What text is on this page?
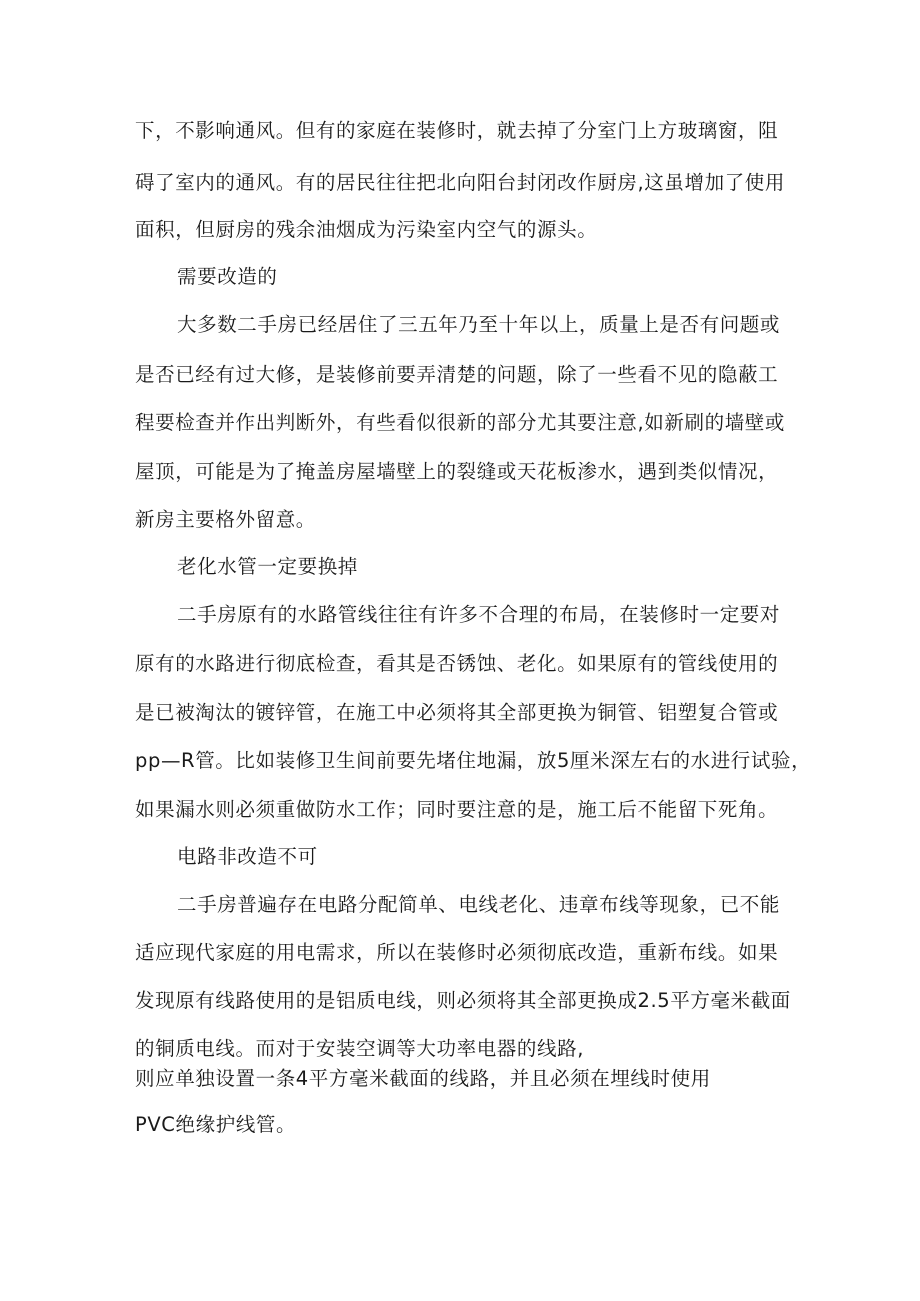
下，不影响通风。但有的家庭在装修时，就去掉了分室门上方玻璃窗，阻
碍了室内的通风。有的居民往往把北向阳台封闭改作厨房,这虽增加了使用
面积，但厨房的残余油烟成为污染室内空气的源头。
需要改造的
大多数二手房已经居住了三五年乃至十年以上，质量上是否有问题或
是否已经有过大修，是装修前要弄清楚的问题，除了一些看不见的隐蔽工
程要检查并作出判断外，有些看似很新的部分尤其要注意,如新刷的墙壁或
屋顶，可能是为了掩盖房屋墙壁上的裂缝或天花板渗水，遇到类似情况，
新房主要格外留意。
老化水管一定要换掉
二手房原有的水路管线往往有许多不合理的布局，在装修时一定要对
原有的水路进行彻底检查，看其是否锈蚀、老化。如果原有的管线使用的
是已被淘汰的镀锌管，在施工中必须将其全部更换为铜管、铝塑复合管或
pp—R管。比如装修卫生间前要先堵住地漏，放5厘米深左右的水进行试验，
如果漏水则必须重做防水工作；同时要注意的是，施工后不能留下死角。
电路非改造不可
二手房普遍存在电路分配简单、电线老化、违章布线等现象，已不能
适应现代家庭的用电需求，所以在装修时必须彻底改造，重新布线。如果
发现原有线路使用的是铝质电线，则必须将其全部更换成2.5平方毫米截面
的铜质电线。而对于安装空调等大功率电器的线路,
则应单独设置一条4平方毫米截面的线路，并且必须在埋线时使用
PVC绝缘护线管。
